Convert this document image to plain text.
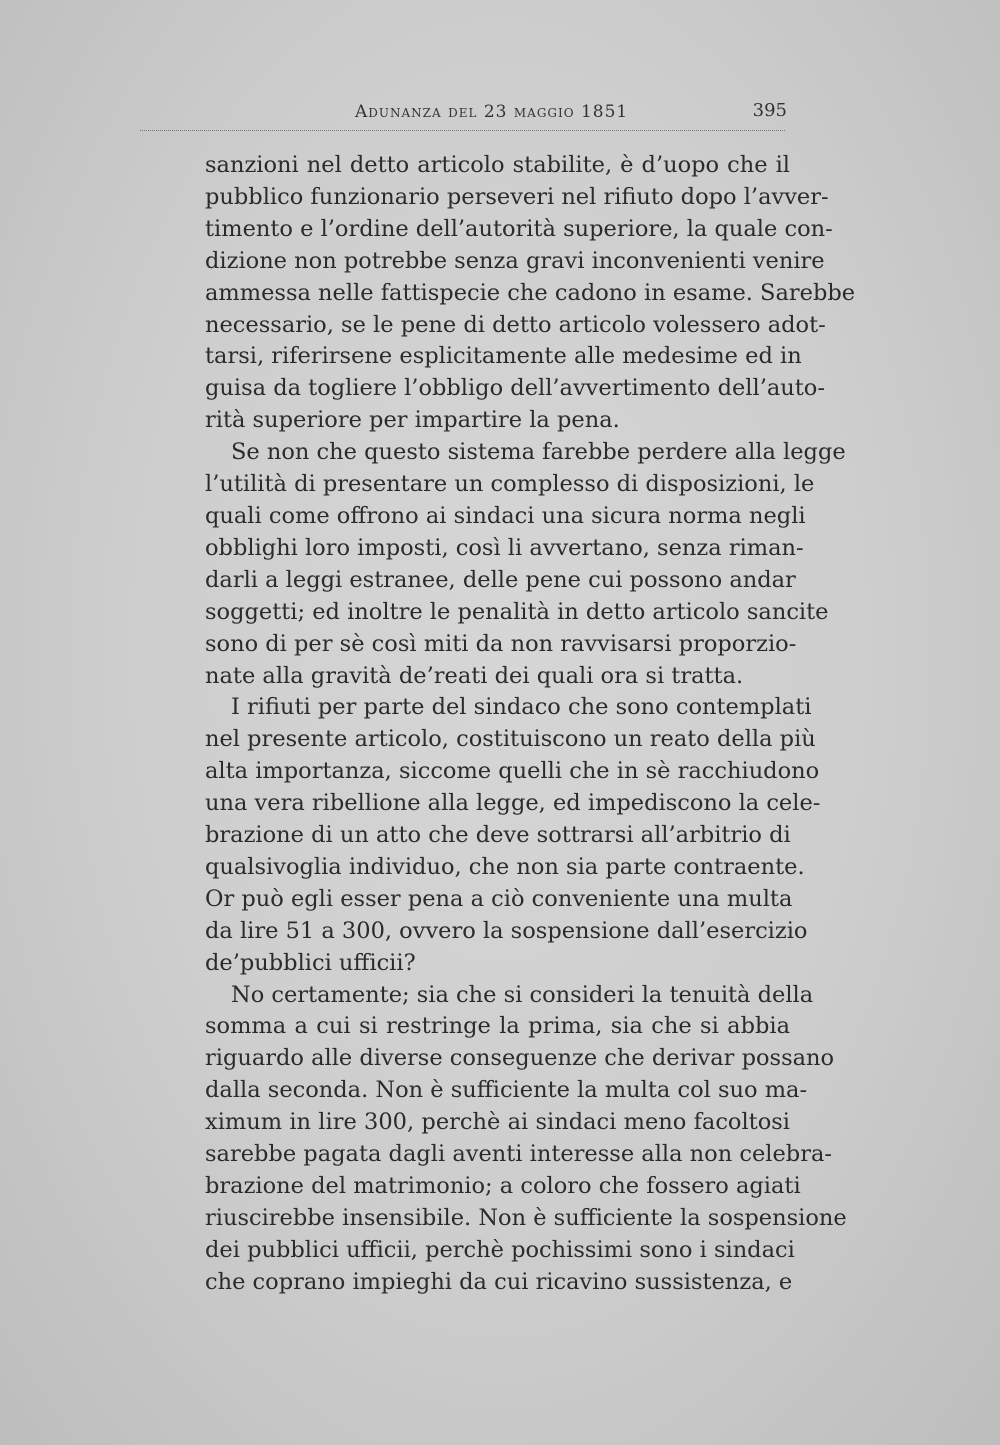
Adunanza del 23 maggio 1851	395

sanzioni nel detto articolo stabilite, è d’uopo che il
pubblico funzionario perseveri nel rifiuto dopo l’avver-
timento e l’ordine dell’autorità superiore, la quale con-
dizione non potrebbe senza gravi inconvenienti venire
ammessa nelle fattispecie che cadono in esame. Sarebbe
necessario, se le pene di detto articolo volessero adot-
tarsi, riferirsene esplicitamente alle medesime ed in
guisa da togliere l’obbligo dell’avvertimento dell’auto-
rità superiore per impartire la pena.

Se non che questo sistema farebbe perdere alla legge
l’utilità di presentare un complesso di disposizioni, le
quali come offrono ai sindaci una sicura norma negli
obblighi loro imposti, così li avvertano, senza riman-
darli a leggi estranee, delle pene cui possono andar
soggetti; ed inoltre le penalità in detto articolo sancite
sono di per sè così miti da non ravvisarsi proporzio-
nate alla gravità de’reati dei quali ora si tratta.

I rifiuti per parte del sindaco che sono contemplati
nel presente articolo, costituiscono un reato della più
alta importanza, siccome quelli che in sè racchiudono
una vera ribellione alla legge, ed impediscono la cele-
brazione di un atto che deve sottrarsi all’arbitrio di
qualsivoglia individuo, che non sia parte contraente.
Or può egli esser pena a ciò conveniente una multa
da lire 51 a 300, ovvero la sospensione dall’esercizio
de’pubblici ufficii?

No certamente; sia che si consideri la tenuità della
somma a cui si restringe la prima, sia che si abbia
riguardo alle diverse conseguenze che derivar possano
dalla seconda. Non è sufficiente la multa col suo ma-
ximum in lire 300, perchè ai sindaci meno facoltosi
sarebbe pagata dagli aventi interesse alla non celebra-
brazione del matrimonio; a coloro che fossero agiati
riuscirebbe insensibile. Non è sufficiente la sospensione
dei pubblici ufficii, perchè pochissimi sono i sindaci
che coprano impieghi da cui ricavino sussistenza, e
